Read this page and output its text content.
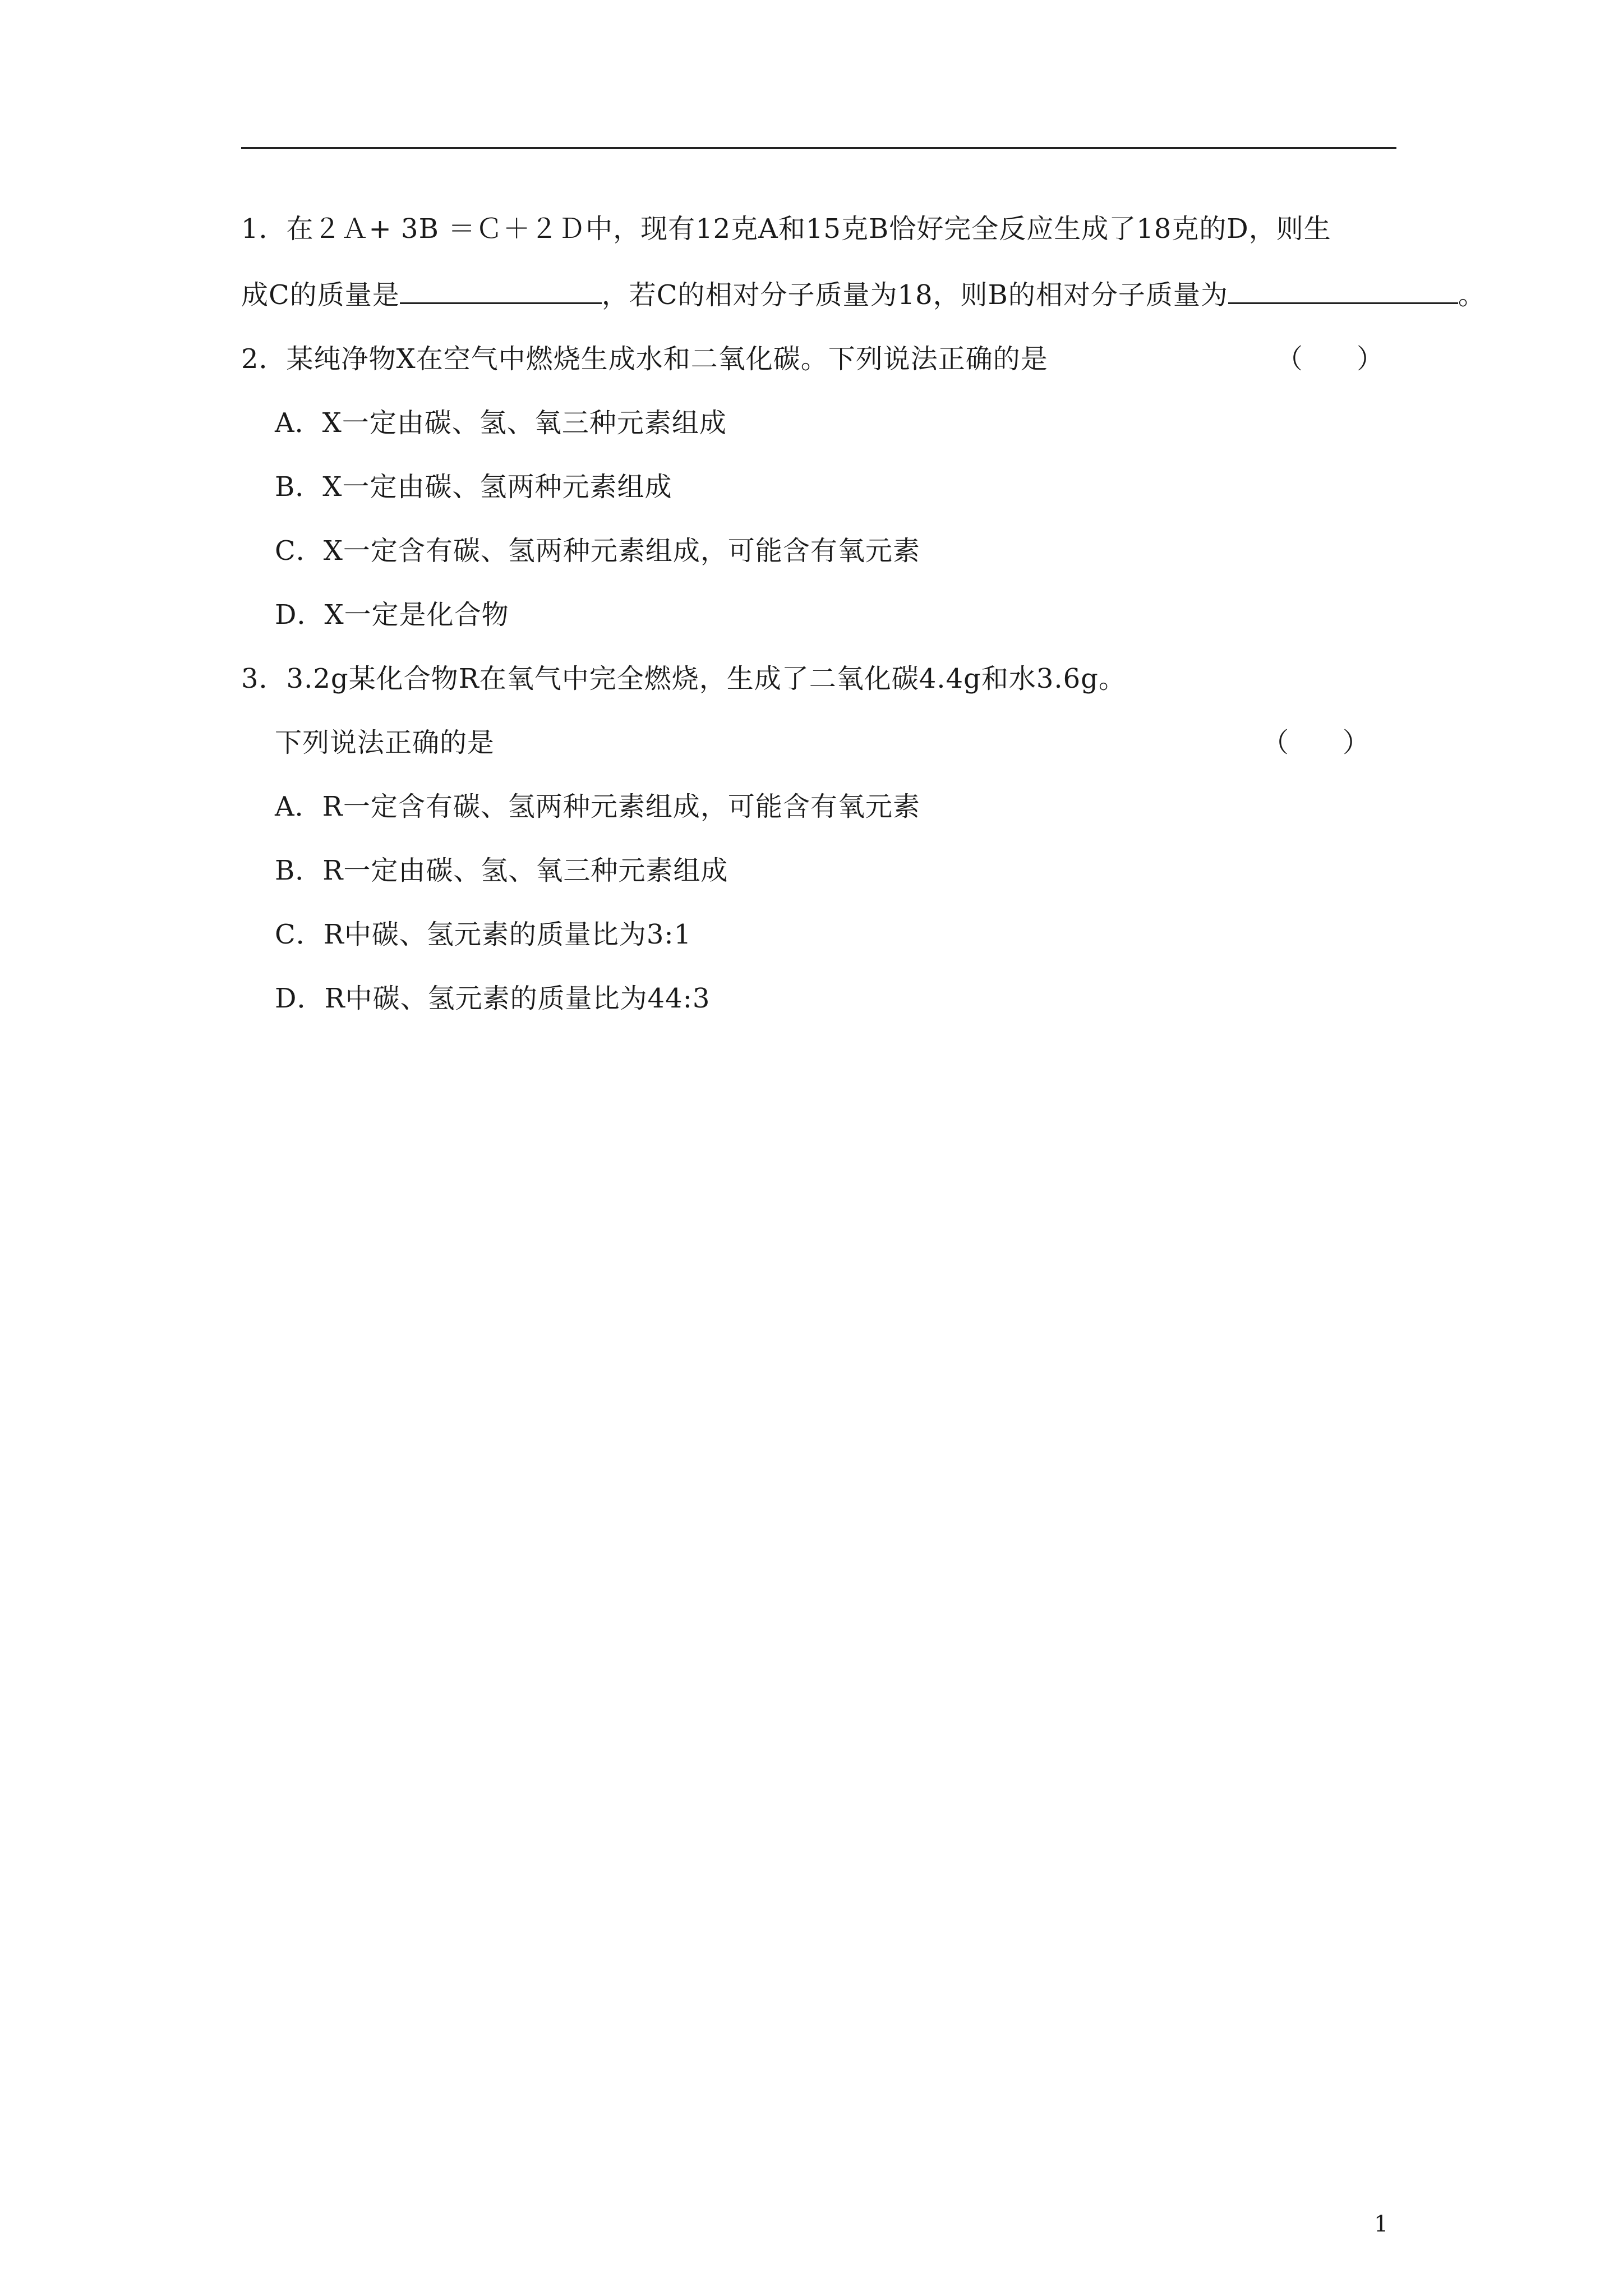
1．在２Ａ+ 3B ＝Ｃ＋２Ｄ中，现有12克A和15克B恰好完全反应生成了18克的D，则生
成C的质量是	，若C的相对分子质量为18，则B的相对分子质量为	。
2．某纯净物X在空气中燃烧生成水和二氧化碳。下列说法正确的是	（　　）
A．X一定由碳、氢、氧三种元素组成
B．X一定由碳、氢两种元素组成
C．X一定含有碳、氢两种元素组成，可能含有氧元素
D．X一定是化合物
3．3.2g某化合物R在氧气中完全燃烧，生成了二氧化碳4.4g和水3.6g。
下列说法正确的是	（　　）
A．R一定含有碳、氢两种元素组成，可能含有氧元素
B．R一定由碳、氢、氧三种元素组成
C．R中碳、氢元素的质量比为3:1
D．R中碳、氢元素的质量比为44:3
1
